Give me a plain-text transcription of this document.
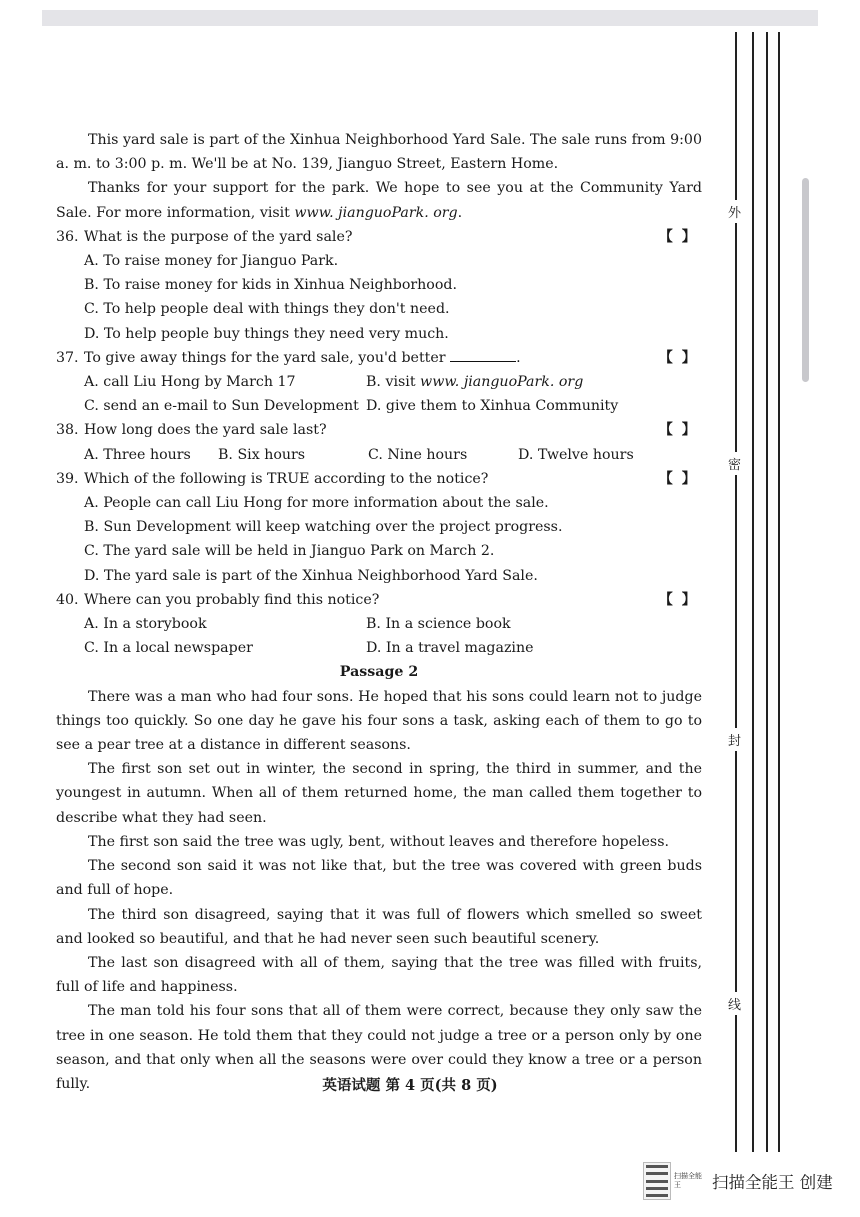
This yard sale is part of the Xinhua Neighborhood Yard Sale. The sale runs from 9:00 a. m. to 3:00 p. m. We'll be at No. 139, Jianguo Street, Eastern Home.

Thanks for your support for the park. We hope to see you at the Community Yard Sale. For more information, visit www. jianguoPark. org.

36. What is the purpose of the yard sale?	【 】

A. To raise money for Jianguo Park.

B. To raise money for kids in Xinhua Neighborhood.

C. To help people deal with things they don't need.

D. To help people buy things they need very much.

37. To give away things for the yard sale, you'd better	.	【 】
A. call Liu Hong by March 17	B. visit www. jianguoPark. org
C. send an e-mail to Sun Development D. give them to Xinhua Community
38. How long does the yard sale last?	【 】
A. Three hours	B. Six hours	C. Nine hours	D. Twelve hours
39. Which of the following is TRUE according to the notice?	【 】

A. People can call Liu Hong for more information about the sale.

B. Sun Development will keep watching over the project progress.

C. The yard sale will be held in Jianguo Park on March 2.

D. The yard sale is part of the Xinhua Neighborhood Yard Sale.

40. Where can you probably find this notice?	【 】
A. In a storybook	B. In a science book
C. In a local newspaper	D. In a travel magazine

Passage 2

There was a man who had four sons. He hoped that his sons could learn not to judge things too quickly. So one day he gave his four sons a task, asking each of them to go to see a pear tree at a distance in different seasons.

The first son set out in winter, the second in spring, the third in summer, and the youngest in autumn. When all of them returned home, the man called them together to describe what they had seen.

The first son said the tree was ugly, bent, without leaves and therefore hopeless.

The second son said it was not like that, but the tree was covered with green buds and full of hope.

The third son disagreed, saying that it was full of flowers which smelled so sweet and looked so beautiful, and that he had never seen such beautiful scenery.

The last son disagreed with all of them, saying that the tree was filled with fruits, full of life and happiness.

The man told his four sons that all of them were correct, because they only saw the tree in one season. He told them that they could not judge a tree or a person only by one season, and that only when all the seasons were over could they know a tree or a person fully.	英语试题 第 4 页(共 8 页)
外
密
封
线
扫描全能王	扫描全能王 创建
